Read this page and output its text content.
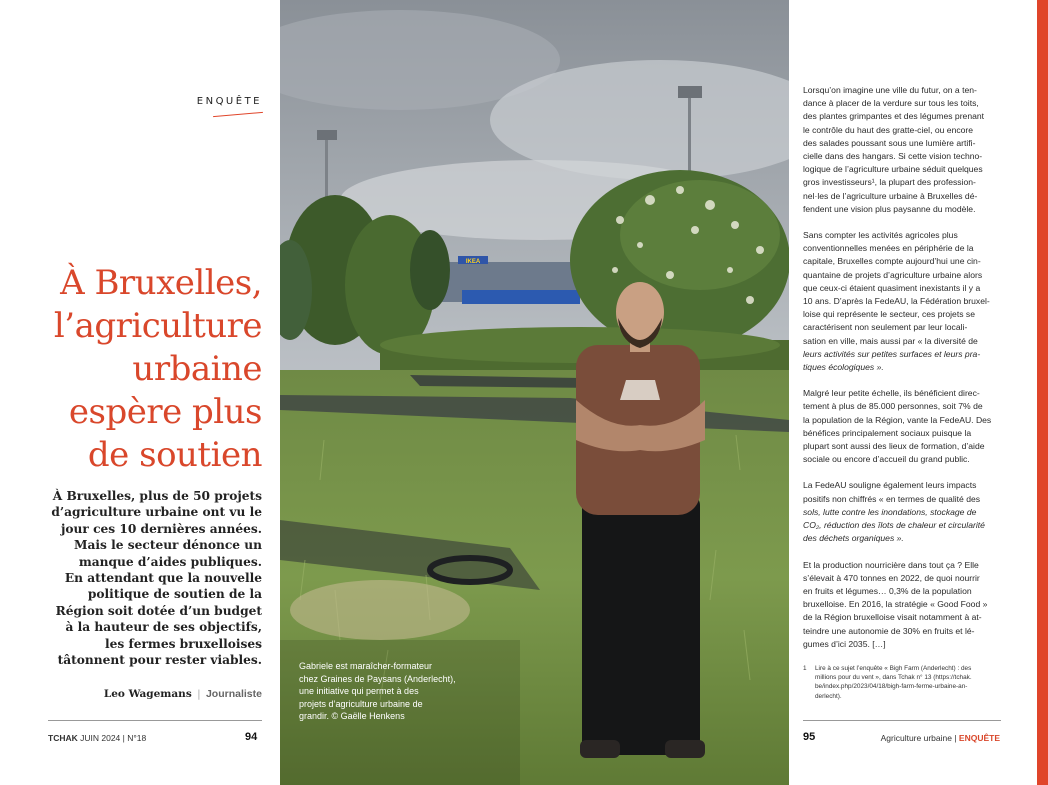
ENQUÊTE
À Bruxelles,
l’agriculture
urbaine
espère plus
de soutien

À Bruxelles, plus de 50 projets
d’agriculture urbaine ont vu le
jour ces 10 dernières années.
Mais le secteur dénonce un
manque d’aides publiques.
En attendant que la nouvelle
politique de soutien de la
Région soit dotée d’un budget
à la hauteur de ses objectifs,
les fermes bruxelloises
tâtonnent pour rester viables.

Leo Wagemans | Journaliste
TCHAK JUIN 2024 | N°18	94
IKEA
Gabriele est maraîcher-formateur
chez Graines de Paysans (Anderlecht),
une initiative qui permet à des
projets d’agriculture urbaine de
grandir. © Gaëlle Henkens

Lorsqu’on imagine une ville du futur, on a ten-
dance à placer de la verdure sur tous les toits,
des plantes grimpantes et des légumes prenant
le contrôle du haut des gratte-ciel, ou encore
des salades poussant sous une lumière artifi-
cielle dans des hangars. Si cette vision techno-
logique de l’agriculture urbaine séduit quelques
gros investisseurs¹, la plupart des profession-
nel·les de l’agriculture urbaine à Bruxelles dé-
fendent une vision plus paysanne du modèle.

Sans compter les activités agricoles plus
conventionnelles menées en périphérie de la
capitale, Bruxelles compte aujourd’hui une cin-
quantaine de projets d’agriculture urbaine alors
que ceux-ci étaient quasiment inexistants il y a
10 ans. D’après la FedeAU, la Fédération bruxel-
loise qui représente le secteur, ces projets se
caractérisent non seulement par leur locali-
sation en ville, mais aussi par « la diversité de
leurs activités sur petites surfaces et leurs pra-
tiques écologiques ».

Malgré leur petite échelle, ils bénéficient direc-
tement à plus de 85.000 personnes, soit 7% de
la population de la Région, vante la FedeAU. Des
bénéfices principalement sociaux puisque la
plupart sont aussi des lieux de formation, d’aide
sociale ou encore d’accueil du grand public.

La FedeAU souligne également leurs impacts
positifs non chiffrés « en termes de qualité des
sols, lutte contre les inondations, stockage de
CO₂, réduction des îlots de chaleur et circularité
des déchets organiques ».

Et la production nourricière dans tout ça ? Elle
s’élevait à 470 tonnes en 2022, de quoi nourrir
en fruits et légumes… 0,3% de la population
bruxelloise. En 2016, la stratégie « Good Food »
de la Région bruxelloise visait notamment à at-
teindre une autonomie de 30% en fruits et lé-
gumes d’ici 2035. […]

1 Lire à ce sujet l’enquête « Bigh Farm (Anderlecht) : des
millions pour du vent », dans Tchak n° 13 (https://tchak.
be/index.php/2023/04/18/bigh-farm-ferme-urbaine-an-
derlecht).
95	Agriculture urbaine | ENQUÊTE
